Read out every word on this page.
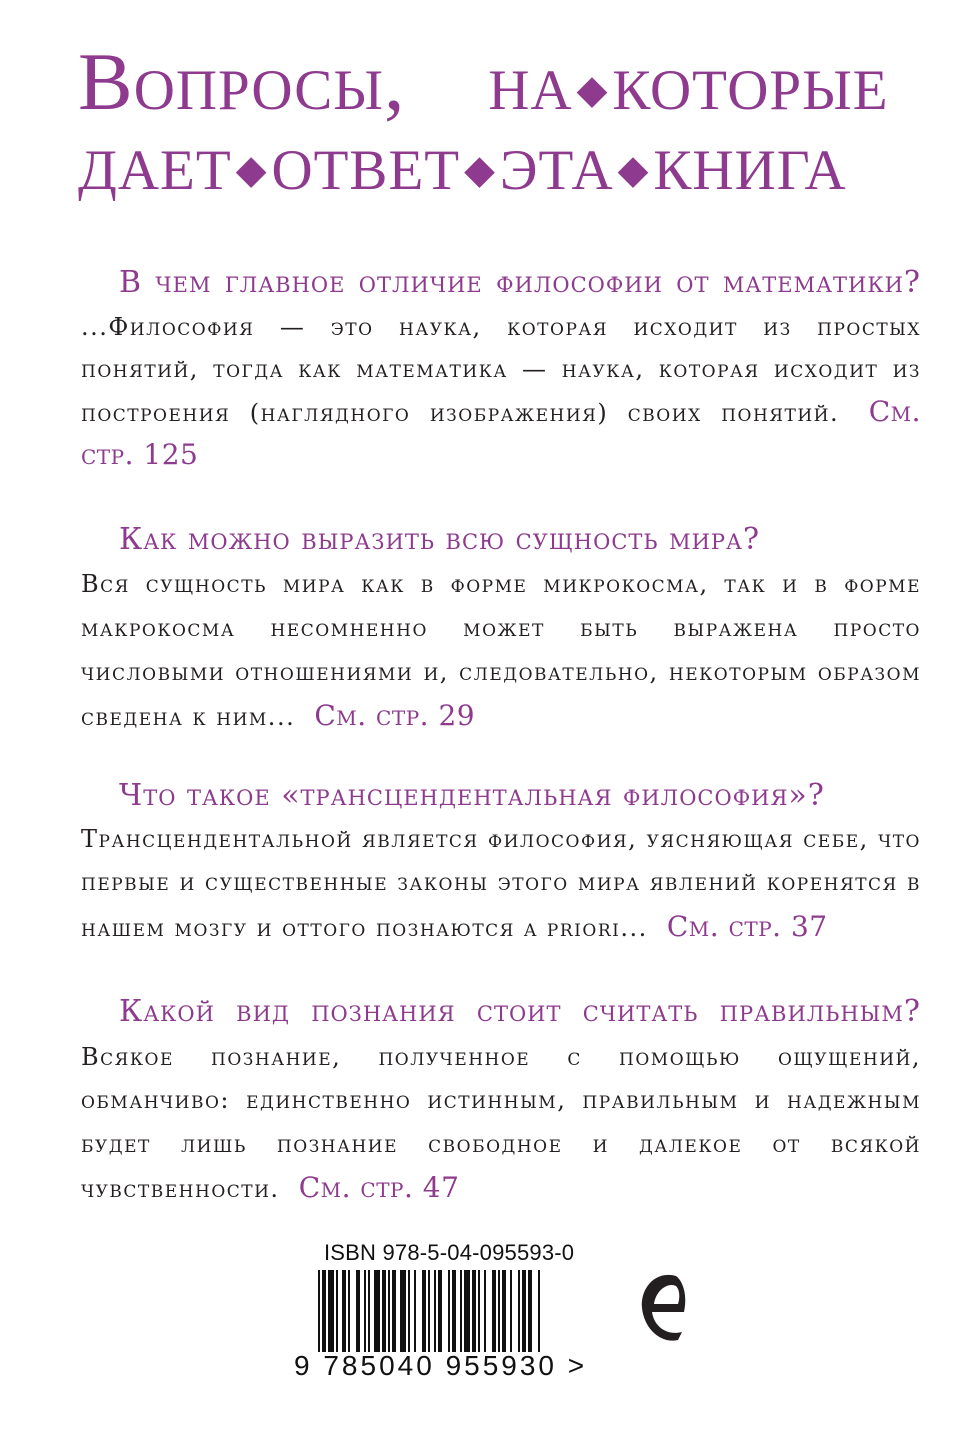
Вопросы, на ◆которые
дает ◆ответ ◆эта ◆книга
В чем главное отличие философии от математики? ...Философия — это наука, которая исходит из простых понятий, тогда как математика — наука, которая исходит из построения (наглядного изображения) своих понятий. См. стр. 125
Как можно выразить всю сущность мира?
Вся сущность мира как в форме микрокосма, так и в форме макрокосма несомненно может быть выражена просто числовыми отношениями и, следовательно, некоторым образом сведена к ним... См. стр. 29
Что такое «трансцендентальная философия»?
Трансцендентальной является философия, уясняющая себе, что первые и существенные законы этого мира явлений коренятся в нашем мозгу и оттого познаются a priori... См. стр. 37
Какой вид познания стоит считать правильным? Всякое познание, полученное с помощью ощущений, обманчиво: единственно истинным, правильным и надежным будет лишь познание свободное и далекое от всякой чувственности. См. стр. 47
ISBN 978-5-04-095593-0
9 785040 955930 >
